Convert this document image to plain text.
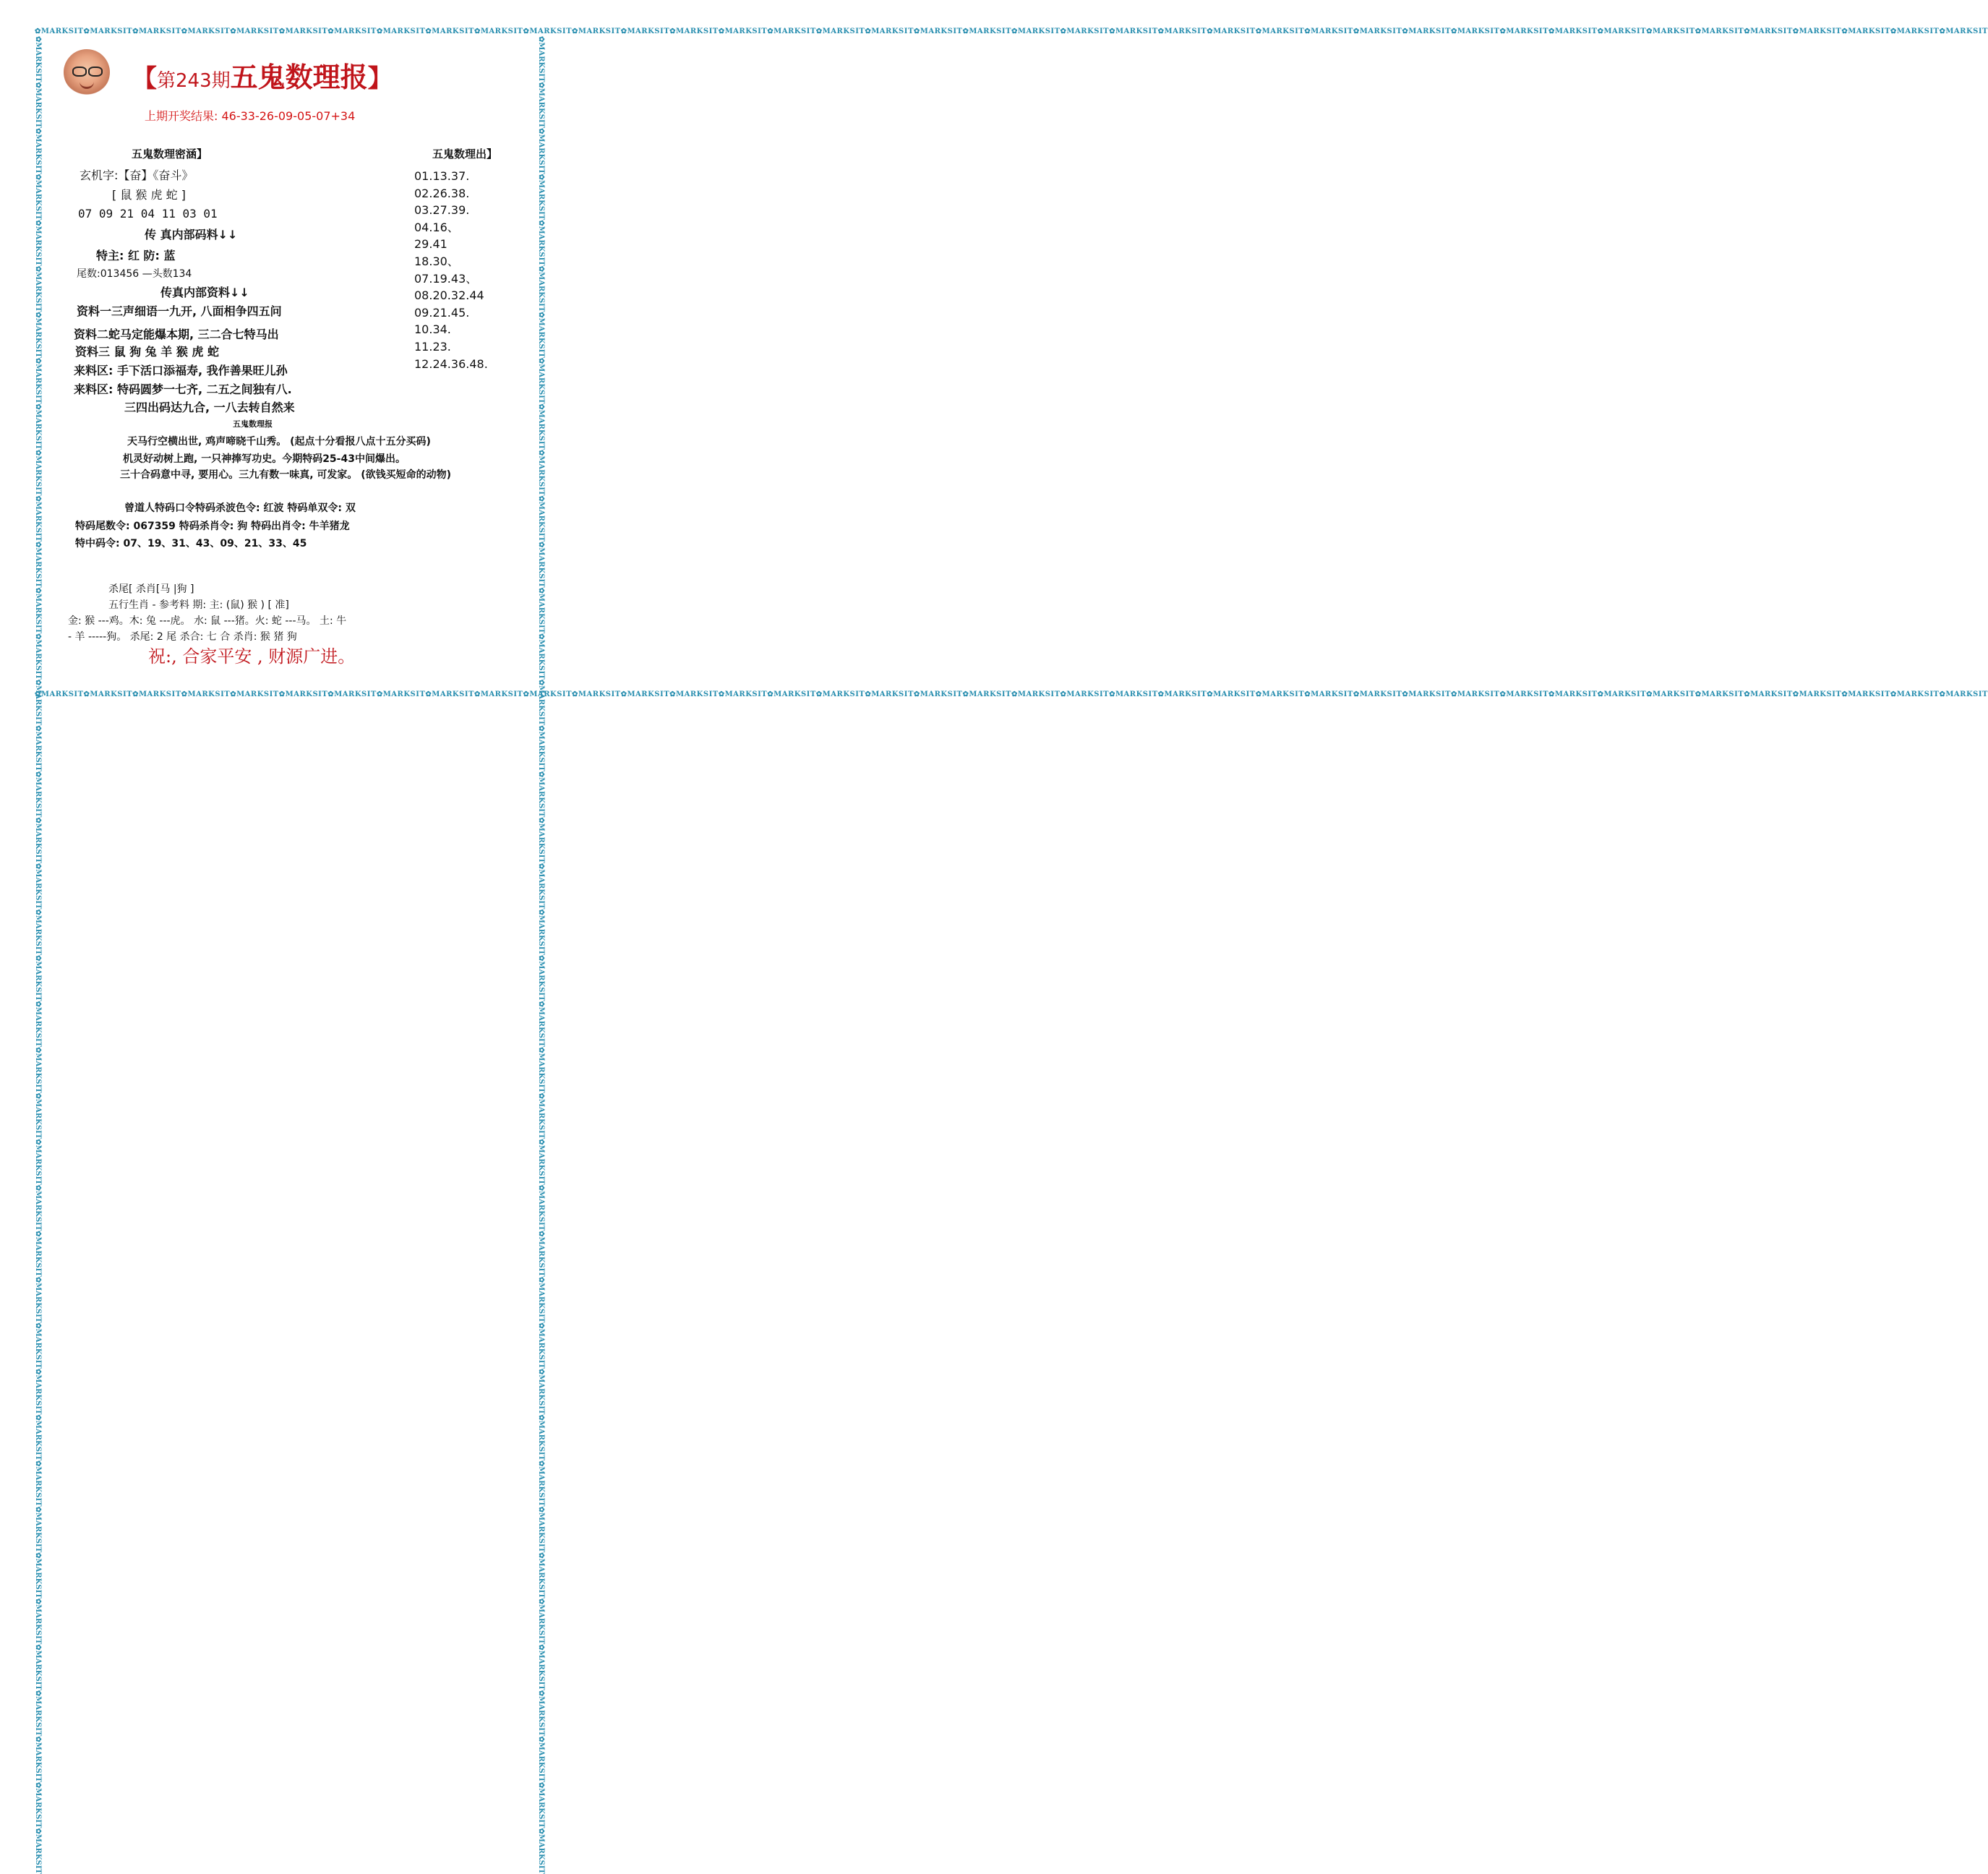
✿MARKSIT✿MARKSIT✿MARKSIT✿MARKSIT✿MARKSIT✿MARKSIT✿MARKSIT✿MARKSIT✿MARKSIT✿MARKSIT✿MARKSIT✿MARKSIT✿MARKSIT✿MARKSIT✿MARKSIT✿MARKSIT✿MARKSIT✿MARKSIT✿MARKSIT✿MARKSIT✿MARKSIT✿MARKSIT✿MARKSIT✿MARKSIT✿MARKSIT✿MARKSIT✿MARKSIT✿MARKSIT✿MARKSIT✿MARKSIT✿MARKSIT✿MARKSIT✿MARKSIT✿MARKSIT✿MARKSIT✿MARKSIT✿MARKSIT✿MARKSIT✿MARKSIT✿MARKSIT
✿MARKSIT✿MARKSIT✿MARKSIT✿MARKSIT✿MARKSIT✿MARKSIT✿MARKSIT✿MARKSIT✿MARKSIT✿MARKSIT✿MARKSIT✿MARKSIT✿MARKSIT✿MARKSIT✿MARKSIT✿MARKSIT✿MARKSIT✿MARKSIT✿MARKSIT✿MARKSIT✿MARKSIT✿MARKSIT✿MARKSIT✿MARKSIT✿MARKSIT✿MARKSIT✿MARKSIT✿MARKSIT✿MARKSIT✿MARKSIT✿MARKSIT✿MARKSIT✿MARKSIT✿MARKSIT✿MARKSIT✿MARKSIT✿MARKSIT✿MARKSIT✿MARKSIT✿MARKSIT
✿MARKSIT✿MARKSIT✿MARKSIT✿MARKSIT✿MARKSIT✿MARKSIT✿MARKSIT✿MARKSIT✿MARKSIT✿MARKSIT✿MARKSIT✿MARKSIT✿MARKSIT✿MARKSIT✿MARKSIT✿MARKSIT✿MARKSIT✿MARKSIT✿MARKSIT✿MARKSIT✿MARKSIT✿MARKSIT✿MARKSIT✿MARKSIT✿MARKSIT✿MARKSIT✿MARKSIT✿MARKSIT✿MARKSIT✿MARKSIT✿MARKSIT✿MARKSIT✿MARKSIT✿MARKSIT✿MARKSIT✿MARKSIT✿MARKSIT✿MARKSIT✿MARKSIT✿MARKSIT	✿MARKSIT✿MARKSIT✿MARKSIT✿MARKSIT✿MARKSIT✿MARKSIT✿MARKSIT✿MARKSIT✿MARKSIT✿MARKSIT✿MARKSIT✿MARKSIT✿MARKSIT✿MARKSIT✿MARKSIT✿MARKSIT✿MARKSIT✿MARKSIT✿MARKSIT✿MARKSIT✿MARKSIT✿MARKSIT✿MARKSIT✿MARKSIT✿MARKSIT✿MARKSIT✿MARKSIT✿MARKSIT✿MARKSIT✿MARKSIT✿MARKSIT✿MARKSIT✿MARKSIT✿MARKSIT✿MARKSIT✿MARKSIT✿MARKSIT✿MARKSIT✿MARKSIT✿MARKSIT
【第243期五鬼数理报】
上期开奖结果: 46-33-26-09-05-07+34
五鬼数理密涵】
玄机字:【奋】《奋斗》
[ 鼠 猴 虎 蛇 ]
07 09 21 04 11 03 01
传 真内部码料↓↓
特主: 红 防: 蓝
尾数:013456 —头数134
传真内部资料↓↓
资料一三声细语一九开, 八面相争四五问
资料二蛇马定能爆本期, 三二合七特马出
资料三 鼠 狗 兔 羊 猴 虎 蛇
来料区: 手下活口添福寿, 我作善果旺儿孙
来料区: 特码圆梦一七齐, 二五之间独有八.
三四出码达九合, 一八去转自然来
五鬼数理出】
01.13.37.
02.26.38.
03.27.39.
04.16、
29.41
18.30、
07.19.43、
08.20.32.44
09.21.45.
10.34.
11.23.
12.24.36.48.
五鬼数理报
天马行空横出世, 鸡声啼晓千山秀。 (起点十分看报八点十五分买码)
机灵好动树上跑, 一只神捧写功史。今期特码25-43中间爆出。
三十合码意中寻, 要用心。三九有数一味真, 可发家。 (欲钱买短命的动物)
曾道人特码口令特码杀波色令: 红波 特码单双令: 双
特码尾数令: 067359 特码杀肖令: 狗 特码出肖令: 牛羊猪龙
特中码令: 07、19、31、43、09、21、33、45
杀尾[ 杀肖[马 |狗 ]
五行生肖 - 参考料 期: 主: (鼠) 猴 ) [ 准]
金: 猴 ---鸡。木: 兔 ---虎。 水: 鼠 ---猪。火: 蛇 ---马。 土: 牛
- 羊 -----狗。 杀尾: 2 尾 杀合: 七 合 杀肖: 猴 猪 狗
祝:, 合家平安 , 财源广进。
